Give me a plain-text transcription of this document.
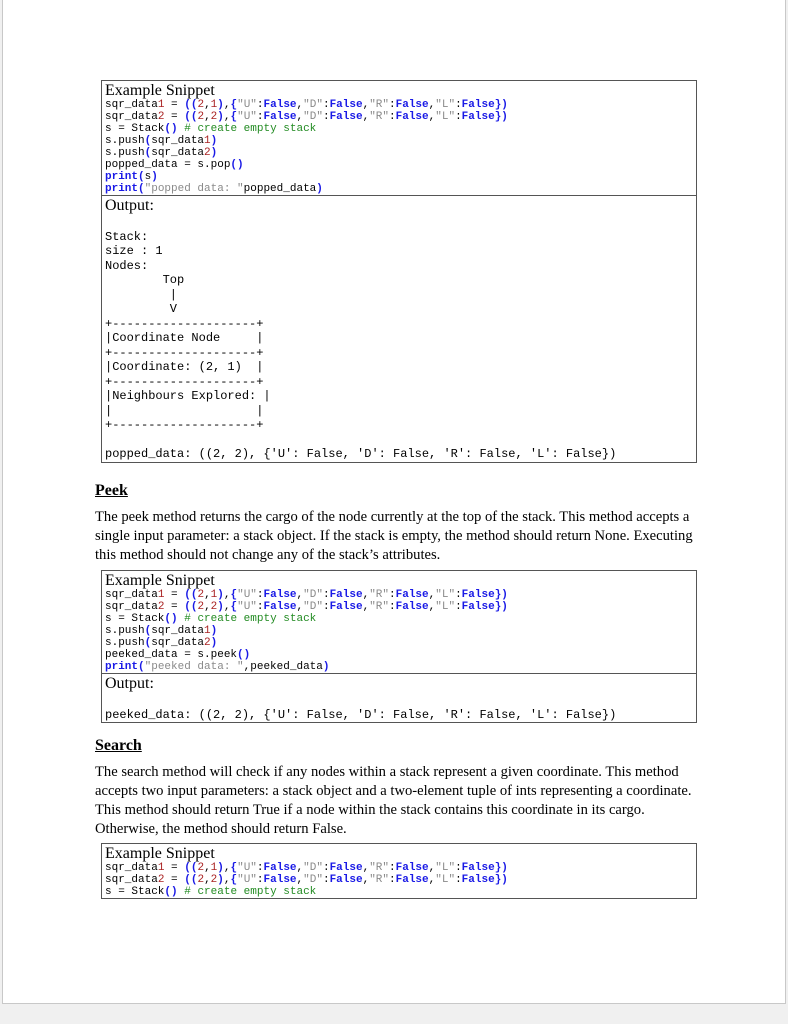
Example Snippet
sqr_data1 = ((2,1),{"U":False,"D":False,"R":False,"L":False})
sqr_data2 = ((2,2),{"U":False,"D":False,"R":False,"L":False})
s = Stack() # create empty stack
s.push(sqr_data1)
s.push(sqr_data2)
popped_data = s.pop()
print(s)
print("popped data: "popped_data)
Output:

Stack:
size : 1
Nodes:
Top
|
V
+--------------------+
|Coordinate Node     |
+--------------------+
|Coordinate: (2, 1)  |
+--------------------+
|Neighbours Explored: |
|                    |
+--------------------+

popped_data: ((2, 2), {'U': False, 'D': False, 'R': False, 'L': False})
Peek
The peek method returns the cargo of the node currently at the top of the stack. This method accepts a single input parameter: a stack object. If the stack is empty, the method should return None. Executing this method should not change any of the stack’s attributes.
Example Snippet
sqr_data1 = ((2,1),{"U":False,"D":False,"R":False,"L":False})
sqr_data2 = ((2,2),{"U":False,"D":False,"R":False,"L":False})
s = Stack() # create empty stack
s.push(sqr_data1)
s.push(sqr_data2)
peeked_data = s.peek()
print("peeked data: ",peeked_data)
Output:

peeked_data: ((2, 2), {'U': False, 'D': False, 'R': False, 'L': False})
Search
The search method will check if any nodes within a stack represent a given coordinate. This method accepts two input parameters: a stack object and a two-element tuple of ints representing a coordinate. This method should return True if a node within the stack contains this coordinate in its cargo. Otherwise, the method should return False.
Example Snippet
sqr_data1 = ((2,1),{"U":False,"D":False,"R":False,"L":False})
sqr_data2 = ((2,2),{"U":False,"D":False,"R":False,"L":False})
s = Stack() # create empty stack
